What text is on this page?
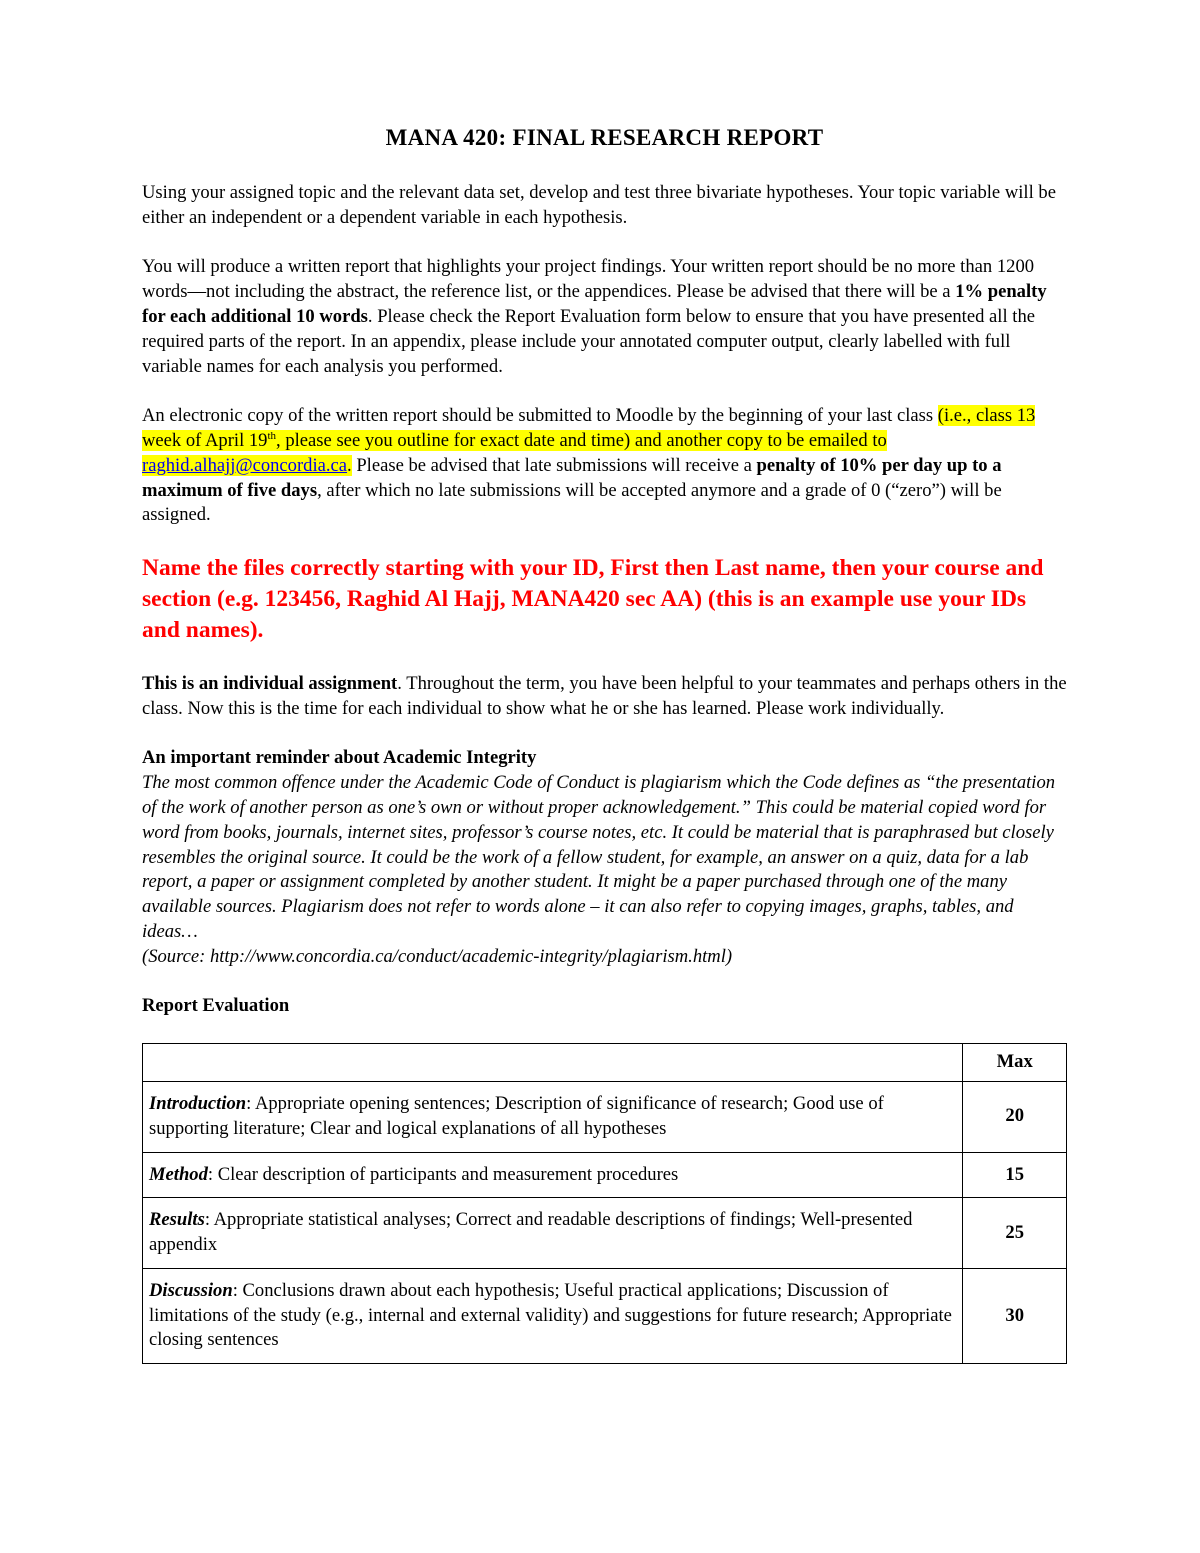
MANA 420: FINAL RESEARCH REPORT

Using your assigned topic and the relevant data set, develop and test three bivariate hypotheses. Your topic variable will be either an independent or a dependent variable in each hypothesis.

You will produce a written report that highlights your project findings. Your written report should be no more than 1200 words—not including the abstract, the reference list, or the appendices. Please be advised that there will be a 1% penalty for each additional 10 words. Please check the Report Evaluation form below to ensure that you have presented all the required parts of the report. In an appendix, please include your annotated computer output, clearly labelled with full variable names for each analysis you performed.

An electronic copy of the written report should be submitted to Moodle by the beginning of your last class (i.e., class 13 week of April 19th, please see you outline for exact date and time) and another copy to be emailed to raghid.alhajj@concordia.ca. Please be advised that late submissions will receive a penalty of 10% per day up to a maximum of five days, after which no late submissions will be accepted anymore and a grade of 0 (“zero”) will be assigned.

Name the files correctly starting with your ID, First then Last name, then your course and section (e.g. 123456, Raghid Al Hajj, MANA420 sec AA) (this is an example use your IDs and names).

This is an individual assignment. Throughout the term, you have been helpful to your teammates and perhaps others in the class. Now this is the time for each individual to show what he or she has learned. Please work individually.

An important reminder about Academic Integrity

The most common offence under the Academic Code of Conduct is plagiarism which the Code defines as “the presentation of the work of another person as one’s own or without proper acknowledgement.” This could be material copied word for word from books, journals, internet sites, professor’s course notes, etc. It could be material that is paraphrased but closely resembles the original source. It could be the work of a fellow student, for example, an answer on a quiz, data for a lab report, a paper or assignment completed by another student. It might be a paper purchased through one of the many available sources. Plagiarism does not refer to words alone – it can also refer to copying images, graphs, tables, and ideas…

(Source: http://www.concordia.ca/conduct/academic-integrity/plagiarism.html)

Report Evaluation

	Max
Introduction: Appropriate opening sentences; Description of significance of research; Good use of supporting literature; Clear and logical explanations of all hypotheses	20
Method: Clear description of participants and measurement procedures	15
Results: Appropriate statistical analyses; Correct and readable descriptions of findings; Well-presented appendix	25
Discussion: Conclusions drawn about each hypothesis; Useful practical applications; Discussion of limitations of the study (e.g., internal and external validity) and suggestions for future research; Appropriate closing sentences	30
